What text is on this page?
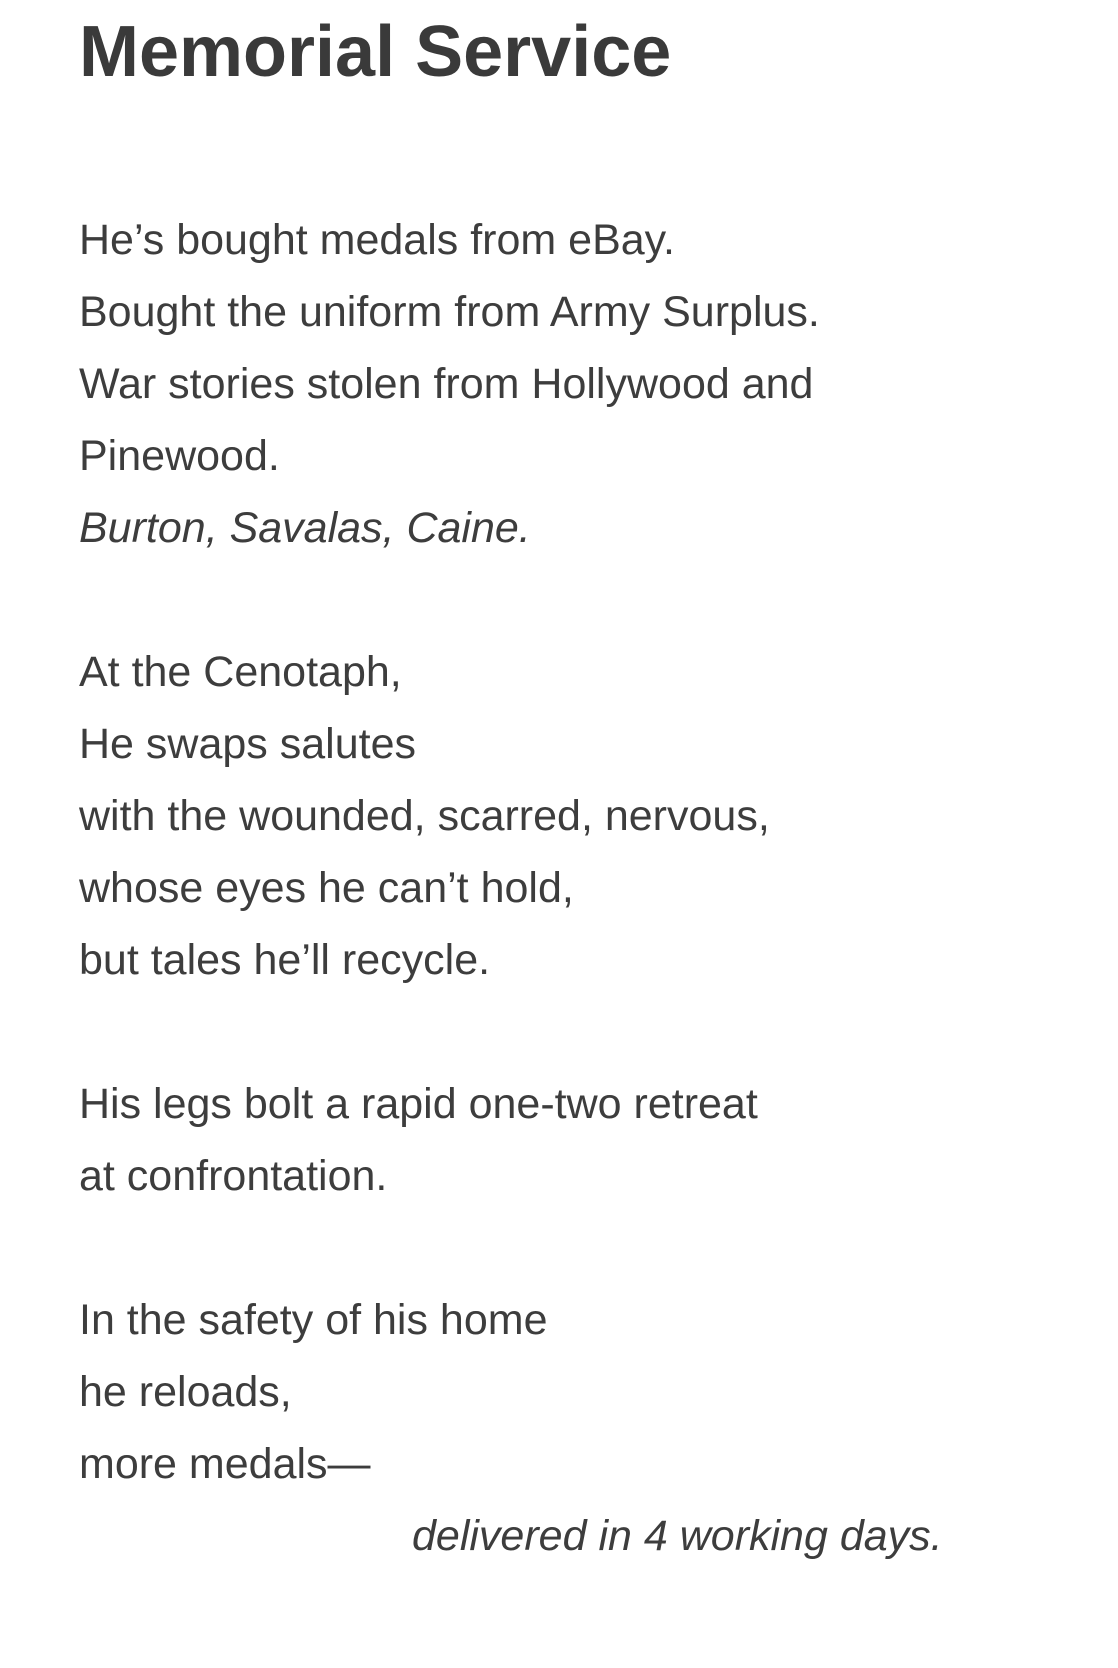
Memorial Service
He’s bought medals from eBay.
Bought the uniform from Army Surplus.
War stories stolen from Hollywood and
Pinewood.
Burton, Savalas, Caine.
At the Cenotaph,
He swaps salutes
with the wounded, scarred, nervous,
whose eyes he can’t hold,
but tales he’ll recycle.
His legs bolt a rapid one-two retreat
at confrontation.
In the safety of his home
he reloads,
more medals—
delivered in 4 working days.
